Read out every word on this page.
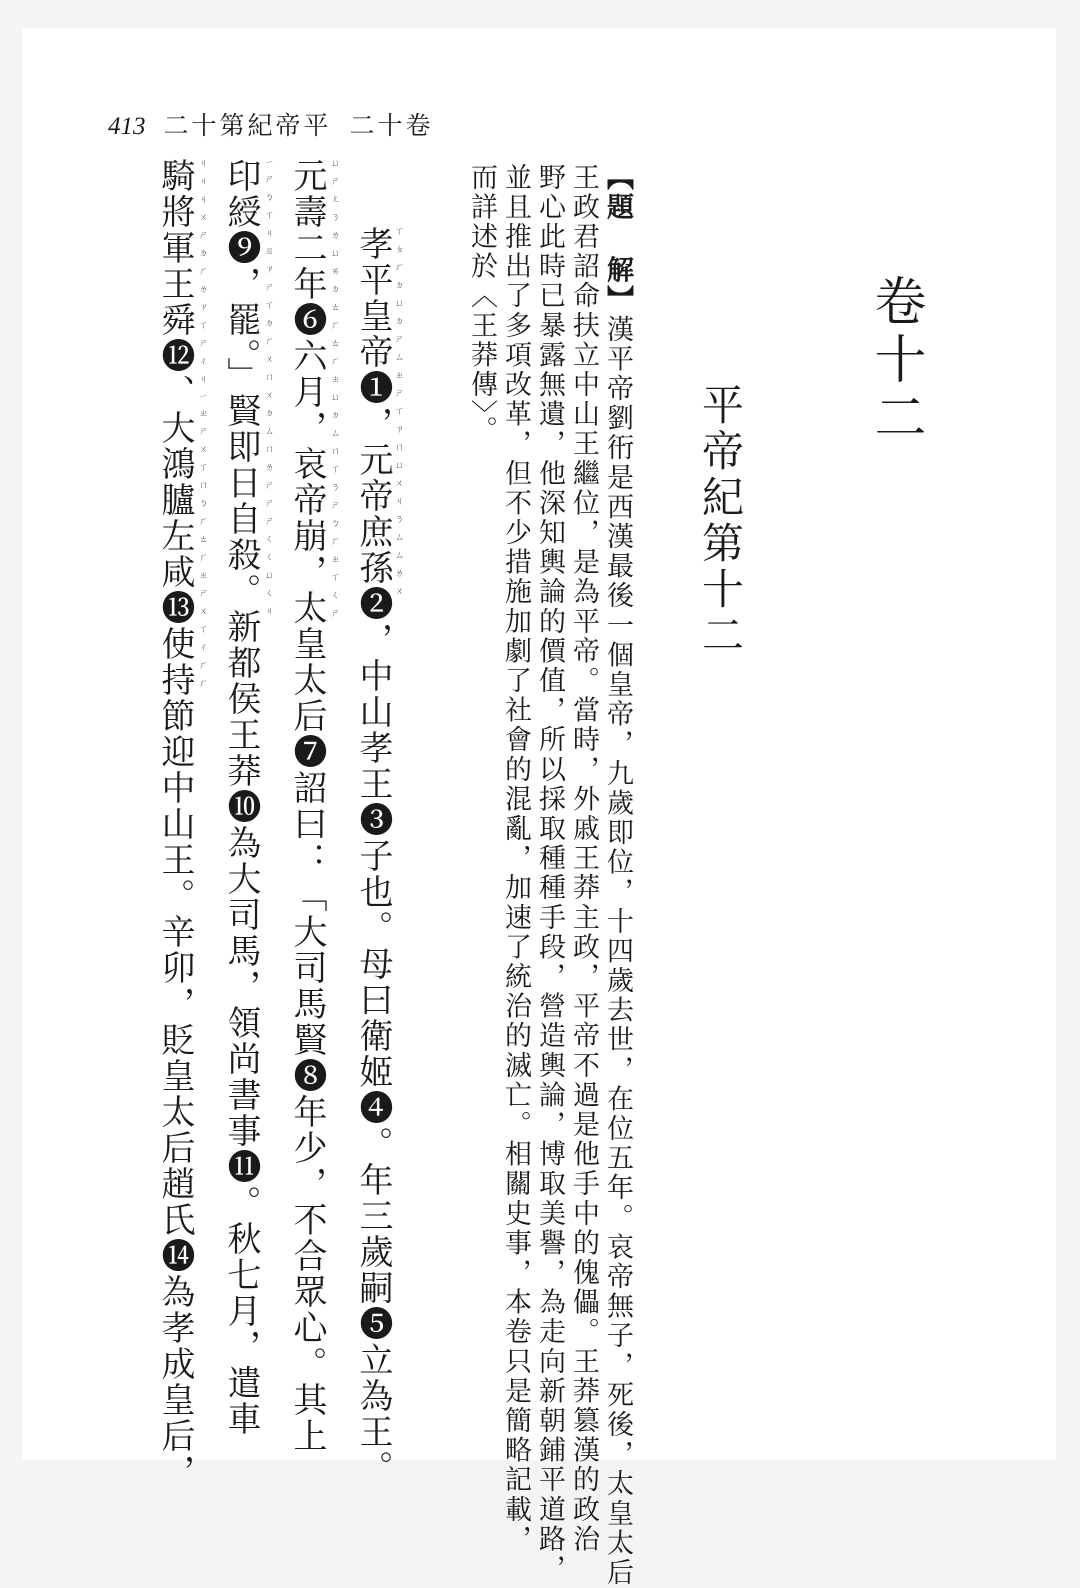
413 二十第紀帝平 二十卷
卷十二
平帝紀第十二
【題 解】漢平帝劉衎是西漢最後一個皇帝，九歲即位，十四歲去世，在位五年。哀帝無子，死後，太皇太后
王政君詔命扶立中山王繼位，是為平帝。當時，外戚王莽主政，平帝不過是他手中的傀儡。王莽篡漢的政治
野心此時已暴露無遺，他深知輿論的價值，所以採取種種手段，營造輿論，博取美譽，為走向新朝鋪平道路，
並且推出了多項改革，但不少措施加劇了社會的混亂，加速了統治的滅亡。相關史事，本卷只是簡略記載，
而詳述於〈王莽傳〉。
ㄒㄆㄏㄉㄩㄉㄕㄙㄓㄕㄒㄗㄇㄩㄨㄐㄋㄙㄙㄌㄨ
孝平皇帝❶，元帝庶孫❷，中山孝王❸子也。母曰衛姬❹。年三歲嗣❺立為王。
ㄩㄕㄦㄋㄌㄩㄞㄉㄊㄏㄊㄏㄓㄩㄉㄙㄇㄒㄋㄕㄅㄏㄓㄒㄑㄕ
元壽二年❻六月，哀帝崩，太皇太后❼詔曰：「大司馬賢❽年少，不合眾心。其上
ㄧㄕㄅㄒㄐㄖㄗㄕㄒㄉㄏㄨㄇㄨㄉㄙㄇㄌㄕㄕㄕㄑㄑㄩㄑㄐ
印綬❾，罷。」賢即日自殺。新都侯王莽❿為大司馬，領尚書事⓫。秋七月，遣車
ㄐㄐㄐㄨㄕㄉㄏㄌㄗㄒㄕㄔㄐㄧㄓㄕㄨㄒㄇㄅㄏㄊㄏㄓㄕㄨㄒㄔㄏㄏ
騎將軍王舜⓬、大鴻臚左咸⓭使持節迎中山王。辛卯，貶皇太后趙氏⓮為孝成皇后，
